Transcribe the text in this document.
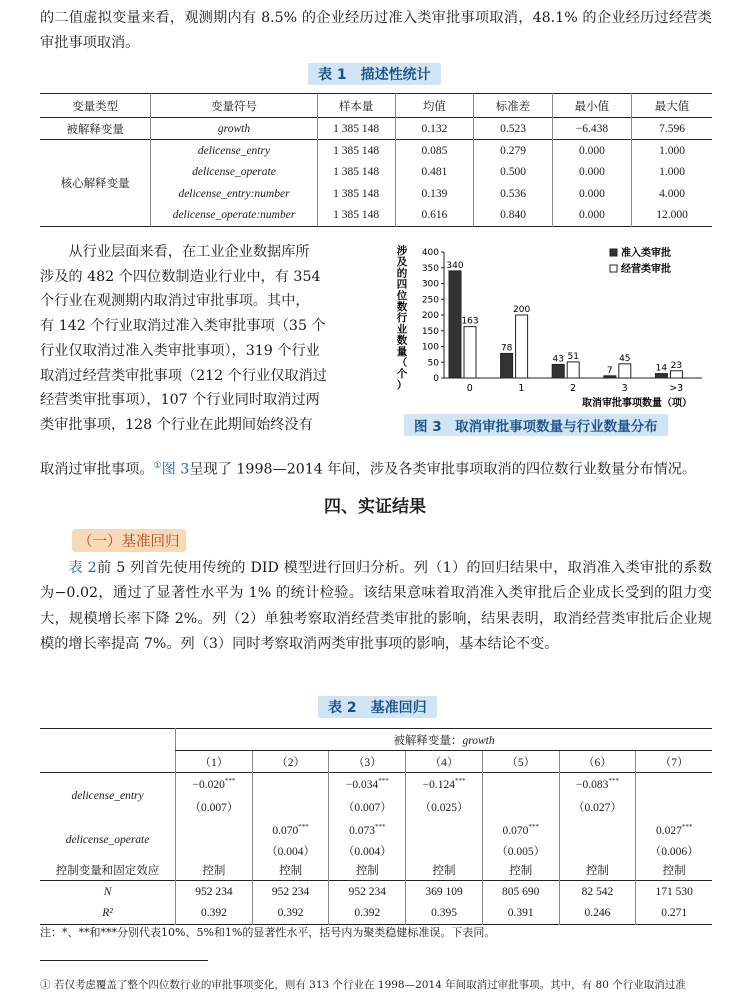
的二值虚拟变量来看，观测期内有 8.5% 的企业经历过准入类审批事项取消，48.1% 的企业经历过经营类审批事项取消。
表 1　描述性统计
变量类型	变量符号	样本量	均值	标准差	最小值	最大值
被解释变量	growth	1 385 148	0.132	0.523	−6.438	7.596
核心解释变量	delicense_entry	1 385 148	0.085	0.279	0.000	1.000
	delicense_operate	1 385 148	0.481	0.500	0.000	1.000
	delicense_entry:number	1 385 148	0.139	0.536	0.000	4.000
	delicense_operate:number	1 385 148	0.616	0.840	0.000	12.000
从行业层面来看，在工业企业数据库所
涉及的 482 个四位数制造业行业中，有 354
个行业在观测期内取消过审批事项。其中，
有 142 个行业取消过准入类审批事项（35 个
行业仅取消过准入类审批事项），319 个行业
取消过经营类审批事项（212 个行业仅取消过
经营类审批事项），107 个行业同时取消过两
类审批事项，128 个行业在此期间始终没有
取消过审批事项。①图 3呈现了 1998—2014 年间，涉及各类审批事项取消的四位数行业数量分布情况。
涉
及
的
四
位
数
行
业
数
量
（
个
）
0
50
100
150
200
250
300
350
400
0
340
163
1
78
200
2
43 51
3
7
45
>3
14 23
准入类审批
经营类审批
取消审批事项数量（项）
图 3　取消审批事项数量与行业数量分布
四、实证结果
（一）基准回归
表 2前 5 列首先使用传统的 DID 模型进行回归分析。列（1）的回归结果中，取消准入类审批的系数为−0.02，通过了显著性水平为 1% 的统计检验。该结果意味着取消准入类审批后企业成长受到的阻力变大，规模增长率下降 2%。列（2）单独考察取消经营类审批的影响，结果表明，取消经营类审批后企业规模的增长率提高 7%。列（3）同时考察取消两类审批事项的影响，基本结论不变。
表 2　基准回归
	被解释变量：growth						
	（1）	（2）	（3）	（4）	（5）	（6）	（7）
delicense_entry	−0.020***		−0.034***	−0.124***		−0.083***	
	（0.007）		（0.007）	（0.025）		（0.027）	
delicense_operate		0.070***	0.073***		0.070***		0.027***
		（0.004）	（0.004）		（0.005）		（0.006）
控制变量和固定效应	控制	控制	控制	控制	控制	控制	控制
N	952 234	952 234	952 234	369 109	805 690	82 542	171 530
R²	0.392	0.392	0.392	0.395	0.391	0.246	0.271
注：*、**和***分别代表10%、5%和1%的显著性水平，括号内为聚类稳健标准误。下表同。
① 若仅考虑覆盖了整个四位数行业的审批事项变化，则有 313 个行业在 1998—2014 年间取消过审批事项。其中，有 80 个行业取消过准
